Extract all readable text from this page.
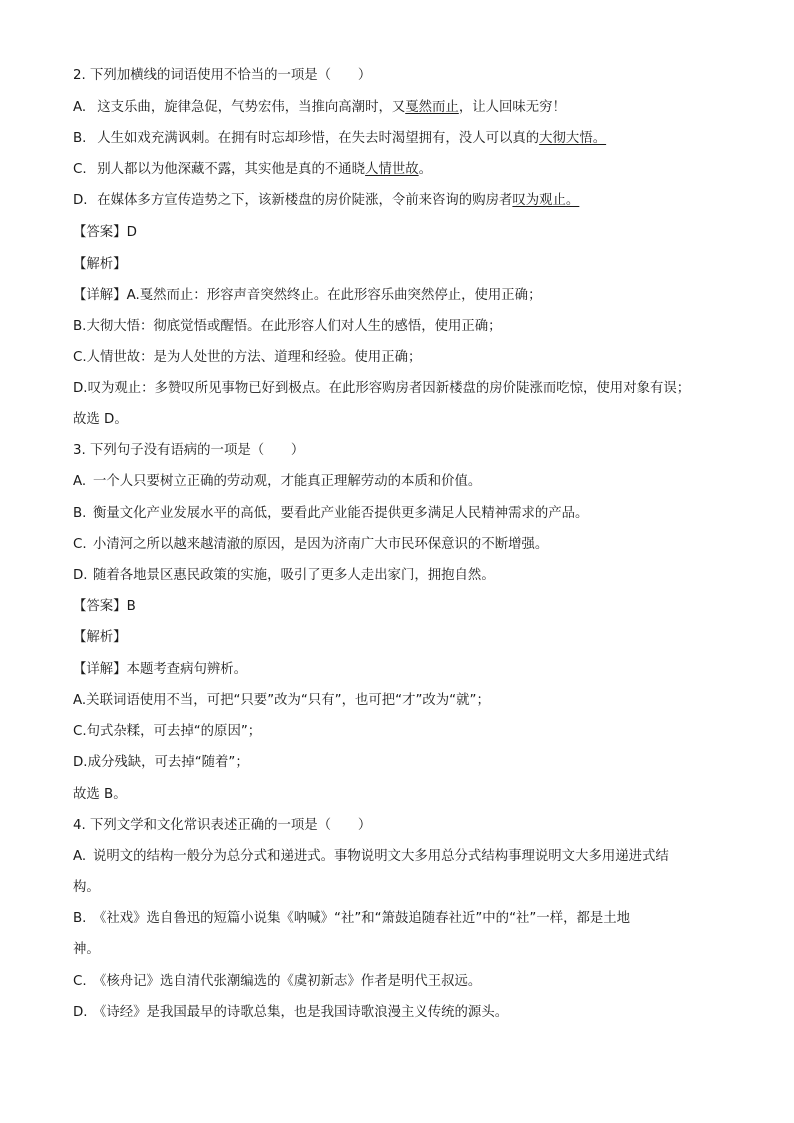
2. 下列加横线的词语使用不恰当的一项是（　　）
A. 这支乐曲，旋律急促，气势宏伟，当推向高潮时，又戛然而止，让人回味无穷！
B. 人生如戏充满讽刺。在拥有时忘却珍惜，在失去时渴望拥有，没人可以真的大彻大悟。
C. 别人都以为他深藏不露，其实他是真的不通晓人情世故。
D. 在媒体多方宣传造势之下，该新楼盘的房价陡涨，令前来咨询的购房者叹为观止。
【答案】D
【解析】
【详解】A.戛然而止：形容声音突然终止。在此形容乐曲突然停止，使用正确；
B.大彻大悟：彻底觉悟或醒悟。在此形容人们对人生的感悟，使用正确；
C.人情世故：是为人处世的方法、道理和经验。使用正确；
D.叹为观止：多赞叹所见事物已好到极点。在此形容购房者因新楼盘的房价陡涨而吃惊，使用对象有误；
故选 D。
3. 下列句子没有语病的一项是（　　）
A. 一个人只要树立正确的劳动观，才能真正理解劳动的本质和价值。
B. 衡量文化产业发展水平的高低，要看此产业能否提供更多满足人民精神需求的产品。
C. 小清河之所以越来越清澈的原因，是因为济南广大市民环保意识的不断增强。
D. 随着各地景区惠民政策的实施，吸引了更多人走出家门，拥抱自然。
【答案】B
【解析】
【详解】本题考查病句辨析。
A.关联词语使用不当，可把“只要”改为“只有”，也可把“才”改为“就”；
C.句式杂糅，可去掉“的原因”；
D.成分残缺，可去掉“随着”；
故选 B。
4. 下列文学和文化常识表述正确的一项是（　　）
A. 说明文的结构一般分为总分式和递进式。事物说明文大多用总分式结构事理说明文大多用递进式结
构。
B. 《社戏》选自鲁迅的短篇小说集《呐喊》“社”和“箫鼓追随春社近”中的“社”一样，都是土地
神。
C. 《核舟记》选自清代张潮编选的《虞初新志》作者是明代王叔远。
D. 《诗经》是我国最早的诗歌总集，也是我国诗歌浪漫主义传统的源头。
